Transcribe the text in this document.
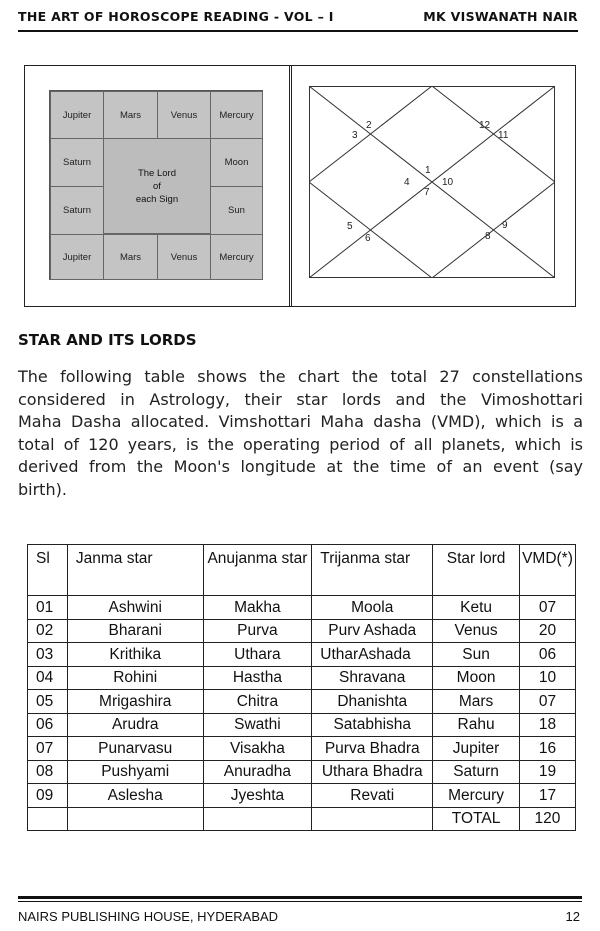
THE ART OF HOROSCOPE READING - VOL – I	MK VISWANATH NAIR
Jupiter	Mars	Venus	Mercury
Saturn
Saturn
Moon
Sun
Jupiter	Mars	Venus	Mercury
The Lord
of
each Sign
1
2
3
4
5
6
7
8
9
10
11
12
STAR AND ITS LORDS
The following table shows the chart the total 27 constellations
considered in Astrology, their star lords and the Vimoshottari
Maha Dasha allocated. Vimshottari Maha dasha (VMD), which is a
total of 120 years, is the operating period of all planets, which is
derived from the Moon's longitude at the time of an event (say
birth).
Sl	Janma star	Anujanma star	Trijanma star	Star lord	VMD(*)
01	Ashwini	Makha	Moola	Ketu	07
02	Bharani	Purva	Purv Ashada	Venus	20
03	Krithika	Uthara	UtharAshada	Sun	06
04	Rohini	Hastha	Shravana	Moon	10
05	Mrigashira	Chitra	Dhanishta	Mars	07
06	Arudra	Swathi	Satabhisha	Rahu	18
07	Punarvasu	Visakha	Purva Bhadra	Jupiter	16
08	Pushyami	Anuradha	Uthara Bhadra	Saturn	19
09	Aslesha	Jyeshta	Revati	Mercury	17
				TOTAL	120
NAIRS PUBLISHING HOUSE, HYDERABAD	12
